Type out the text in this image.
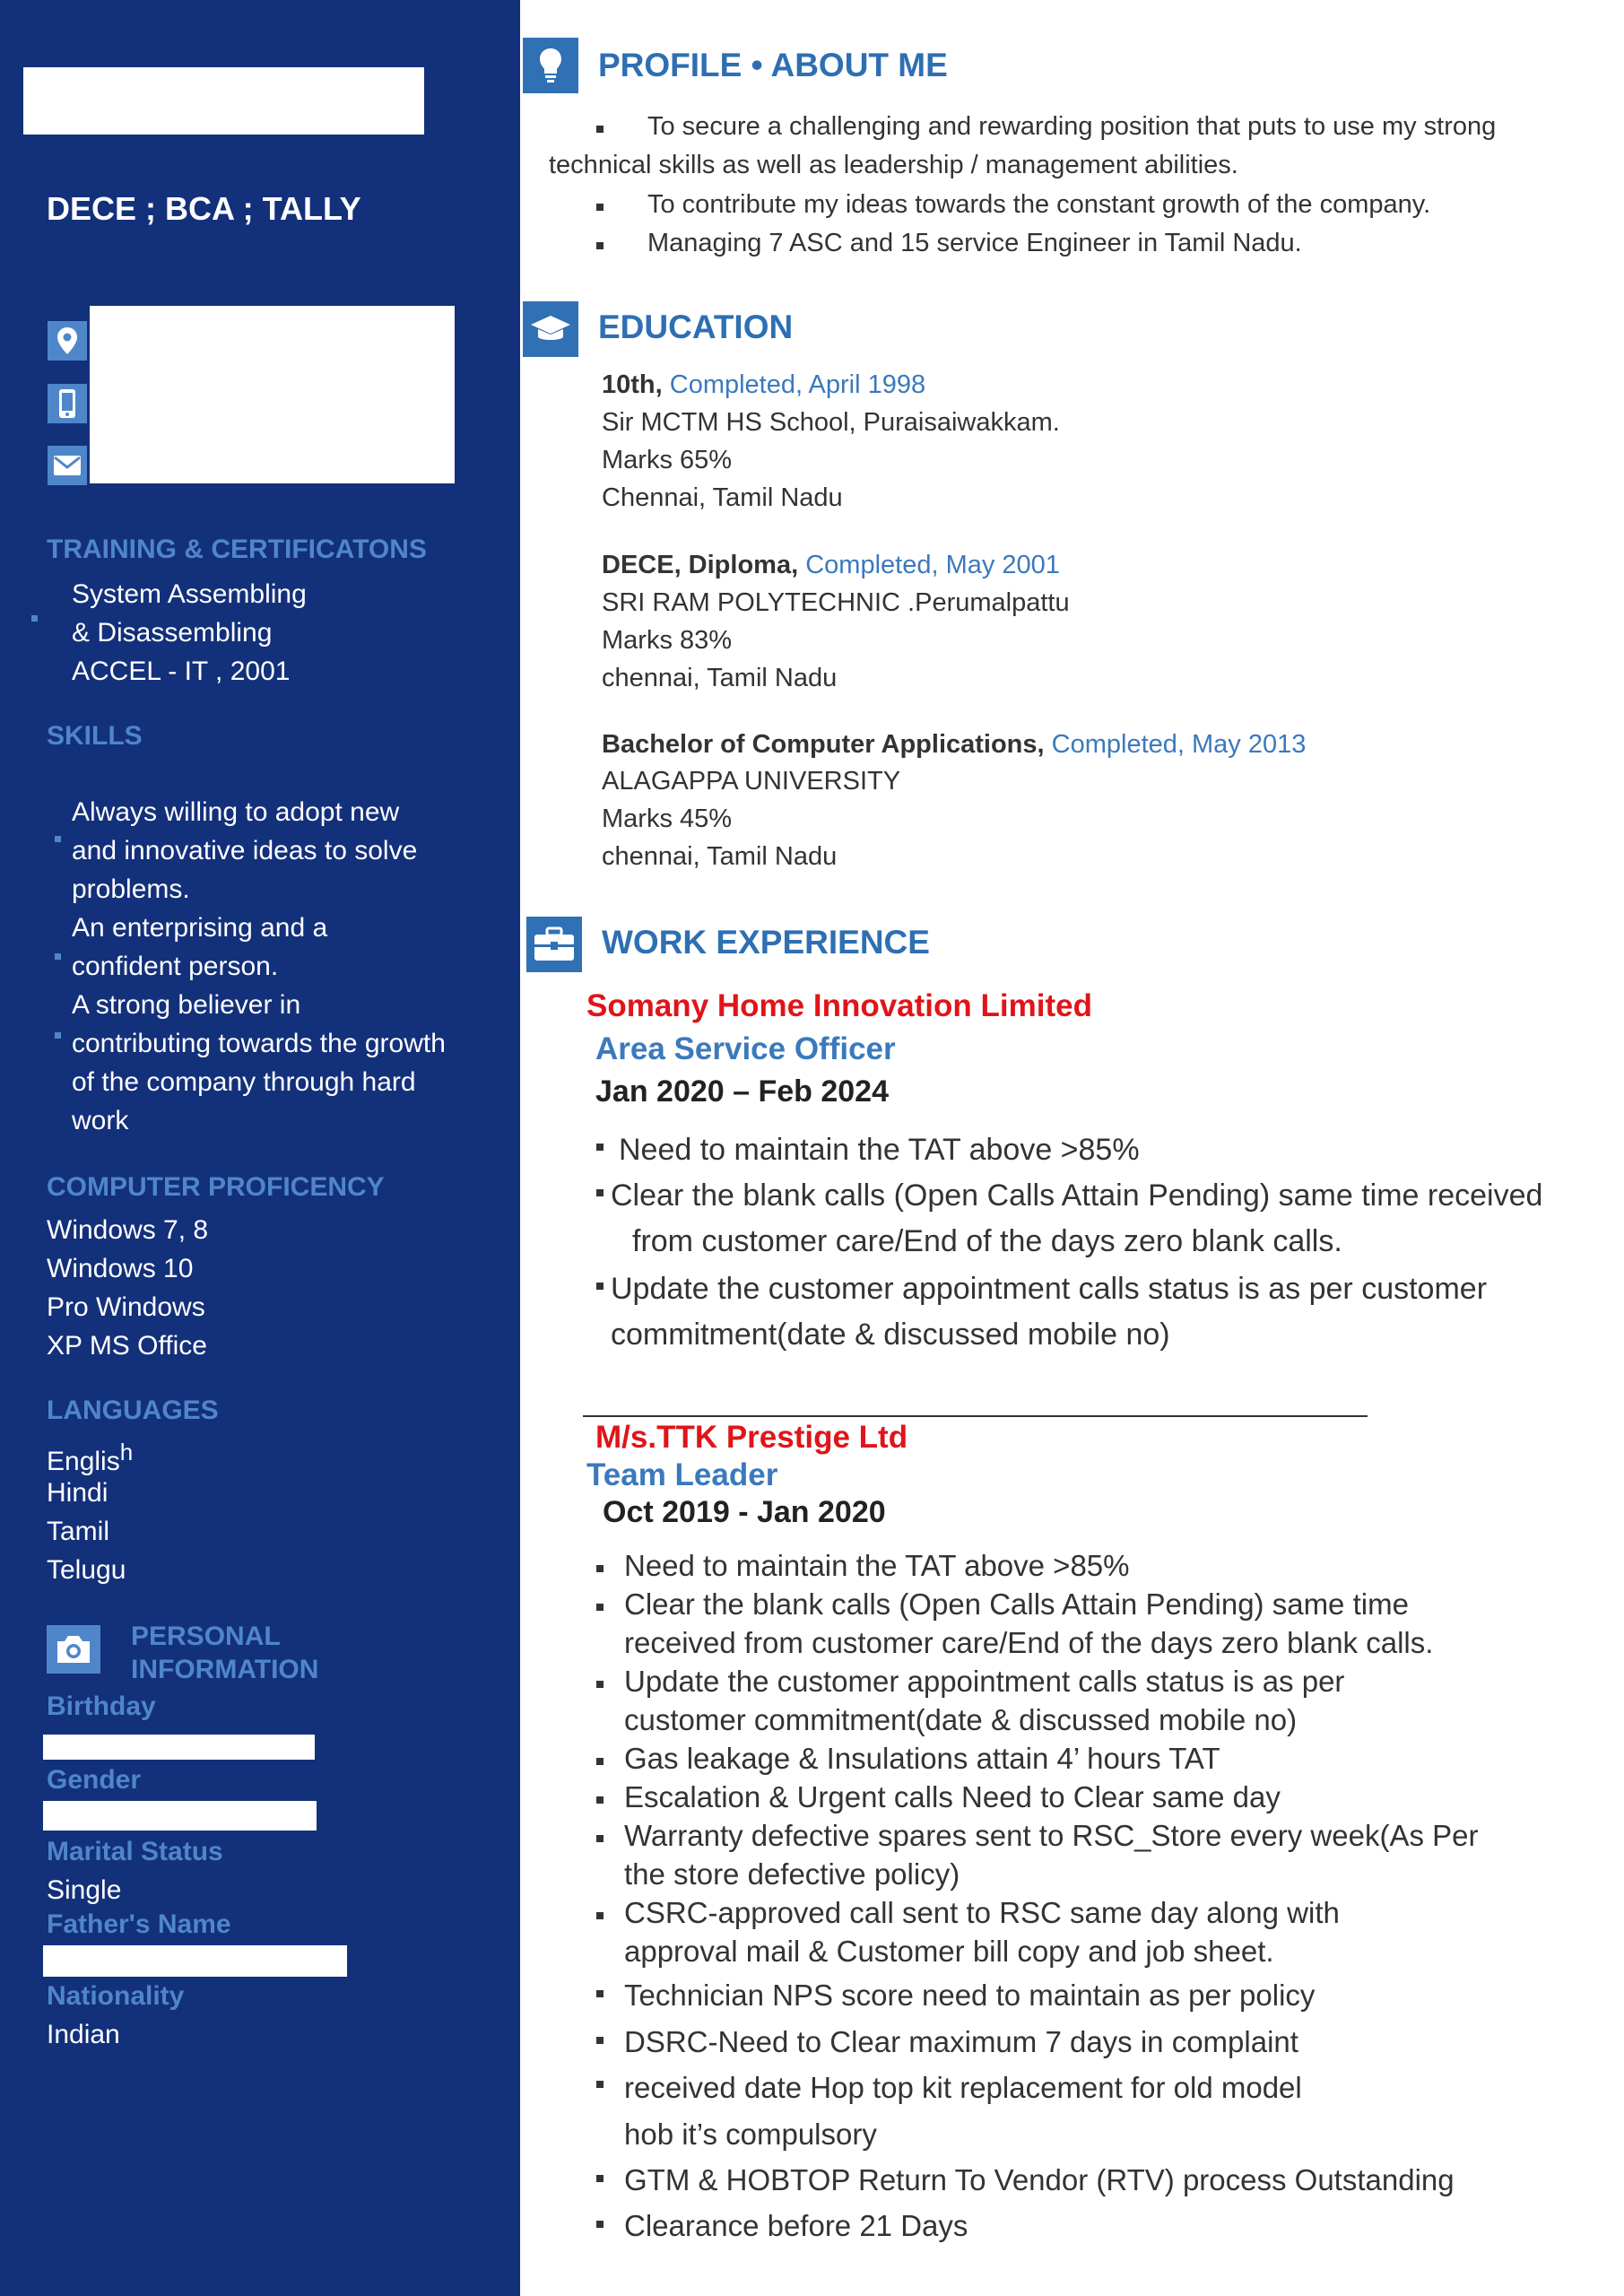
DECE ; BCA ; TALLY
TRAINING & CERTIFICATONS
System Assembling
& Disassembling
ACCEL - IT , 2001
SKILLS
Always willing to adopt new
and innovative ideas to solve
problems.
An enterprising and a
confident person.
A strong believer in
contributing towards the growth
of the company through hard
work
COMPUTER PROFICENCY
Windows 7, 8
Windows 10
Pro Windows
XP MS Office
LANGUAGES
Englis$^h$
Hindi
Tamil
Telugu
PERSONAL
INFORMATION
Birthday
Gender
Marital Status
Single
Father's Name
Nationality
Indian
PROFILE • ABOUT ME
To secure a challenging and rewarding position that puts to use my strong
technical skills as well as leadership / management abilities.
To contribute my ideas towards the constant growth of the company.
Managing 7 ASC and 15 service Engineer in Tamil Nadu.
EDUCATION
10th, Completed, April 1998
Sir MCTM HS School, Puraisaiwakkam.
Marks 65%
Chennai, Tamil Nadu
DECE, Diploma, Completed, May 2001
SRI RAM POLYTECHNIC .Perumalpattu
Marks 83%
chennai, Tamil Nadu
Bachelor of Computer Applications, Completed, May 2013
ALAGAPPA UNIVERSITY
Marks 45%
chennai, Tamil Nadu
WORK EXPERIENCE
Somany Home Innovation Limited
Area Service Officer
Jan 2020 – Feb 2024
Need to maintain the TAT above >85%
Clear the blank calls (Open Calls Attain Pending) same time received
from customer care/End of the days zero blank calls.
Update the customer appointment calls status is as per customer
commitment(date & discussed mobile no)
M/s.TTK Prestige Ltd
Team Leader
Oct 2019 - Jan 2020
Need to maintain the TAT above >85%
Clear the blank calls (Open Calls Attain Pending) same time
received from customer care/End of the days zero blank calls.
Update the customer appointment calls status is as per
customer commitment(date & discussed mobile no)
Gas leakage & Insulations attain 4’ hours TAT
Escalation & Urgent calls Need to Clear same day
Warranty defective spares sent to RSC_Store every week(As Per
the store defective policy)
CSRC-approved call sent to RSC same day along with
approval mail & Customer bill copy and job sheet.
Technician NPS score need to maintain as per policy
DSRC-Need to Clear maximum 7 days in complaint
received date Hop top kit replacement for old model
hob it’s compulsory
GTM & HOBTOP Return To Vendor (RTV) process Outstanding
Clearance before 21 Days
